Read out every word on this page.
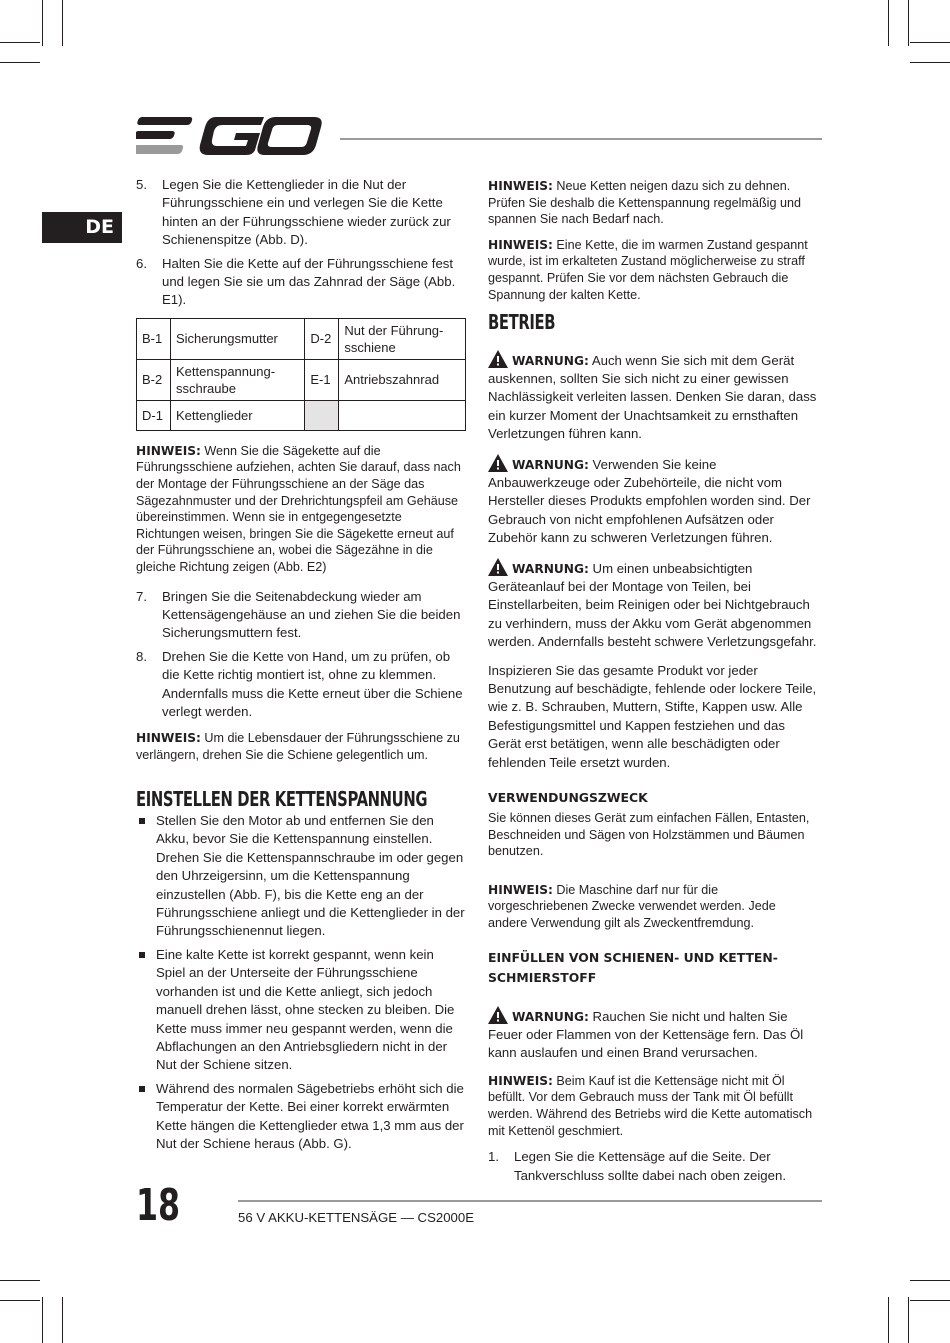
DE
5.	Legen Sie die Kettenglieder in die Nut der Führungsschiene ein und verlegen Sie die Kette hinten an der Führungsschiene wieder zurück zur Schienenspitze (Abb. D).
6.	Halten Sie die Kette auf der Führungsschiene fest und legen Sie sie um das Zahnrad der Säge (Abb. E1).
B-1	Sicherungsmutter	D-2	Nut der Führung-sschiene
B-2	Kettenspannung-sschraube	E-1	Antriebszahnrad
D-1	Kettenglieder		

HINWEIS: Wenn Sie die Sägekette auf die Führungsschiene aufziehen, achten Sie darauf, dass nach der Montage der Führungsschiene an der Säge das Sägezahnmuster und der Drehrichtungspfeil am Gehäuse übereinstimmen. Wenn sie in entgegengesetzte Richtungen weisen, bringen Sie die Sägekette erneut auf der Führungsschiene an, wobei die Sägezähne in die gleiche Richtung zeigen (Abb. E2)

7.	Bringen Sie die Seitenabdeckung wieder am Kettensägengehäuse an und ziehen Sie die beiden Sicherungsmuttern fest.
8.	Drehen Sie die Kette von Hand, um zu prüfen, ob die Kette richtig montiert ist, ohne zu klemmen. Andernfalls muss die Kette erneut über die Schiene verlegt werden.

HINWEIS: Um die Lebensdauer der Führungsschiene zu verlängern, drehen Sie die Schiene gelegentlich um.

EINSTELLEN DER KETTENSPANNUNG
Stellen Sie den Motor ab und entfernen Sie den Akku, bevor Sie die Kettenspannung einstellen. Drehen Sie die Kettenspannschraube im oder gegen den Uhrzeigersinn, um die Kettenspannung einzustellen (Abb. F), bis die Kette eng an der Führungsschiene anliegt und die Kettenglieder in der Führungsschienennut liegen.
Eine kalte Kette ist korrekt gespannt, wenn kein Spiel an der Unterseite der Führungsschiene vorhanden ist und die Kette anliegt, sich jedoch manuell drehen lässt, ohne stecken zu bleiben. Die Kette muss immer neu gespannt werden, wenn die Abflachungen an den Antriebsgliedern nicht in der Nut der Schiene sitzen.
Während des normalen Sägebetriebs erhöht sich die Temperatur der Kette. Bei einer korrekt erwärmten Kette hängen die Kettenglieder etwa 1,3 mm aus der Nut der Schiene heraus (Abb. G).

HINWEIS: Neue Ketten neigen dazu sich zu dehnen. Prüfen Sie deshalb die Kettenspannung regelmäßig und spannen Sie nach Bedarf nach.

HINWEIS: Eine Kette, die im warmen Zustand gespannt wurde, ist im erkalteten Zustand möglicherweise zu straff gespannt. Prüfen Sie vor dem nächsten Gebrauch die Spannung der kalten Kette.

BETRIEB

WARNUNG: Auch wenn Sie sich mit dem Gerät auskennen, sollten Sie sich nicht zu einer gewissen Nachlässigkeit verleiten lassen. Denken Sie daran, dass ein kurzer Moment der Unachtsamkeit zu ernsthaften Verletzungen führen kann.

WARNUNG: Verwenden Sie keine Anbauwerkzeuge oder Zubehörteile, die nicht vom Hersteller dieses Produkts empfohlen worden sind. Der Gebrauch von nicht empfohlenen Aufsätzen oder Zubehör kann zu schweren Verletzungen führen.

WARNUNG: Um einen unbeabsichtigten Geräteanlauf bei der Montage von Teilen, bei Einstellarbeiten, beim Reinigen oder bei Nichtgebrauch zu verhindern, muss der Akku vom Gerät abgenommen werden. Andernfalls besteht schwere Verletzungsgefahr.

Inspizieren Sie das gesamte Produkt vor jeder Benutzung auf beschädigte, fehlende oder lockere Teile, wie z. B. Schrauben, Muttern, Stifte, Kappen usw. Alle Befestigungsmittel und Kappen festziehen und das Gerät erst betätigen, wenn alle beschädigten oder fehlenden Teile ersetzt wurden.

VERWENDUNGSZWECK

Sie können dieses Gerät zum einfachen Fällen, Entasten, Beschneiden und Sägen von Holzstämmen und Bäumen benutzen.

HINWEIS: Die Maschine darf nur für die vorgeschriebenen Zwecke verwendet werden. Jede andere Verwendung gilt als Zweckentfremdung.

EINFÜLLEN VON SCHIENEN- UND KETTEN-SCHMIERSTOFF

WARNUNG: Rauchen Sie nicht und halten Sie Feuer oder Flammen von der Kettensäge fern. Das Öl kann auslaufen und einen Brand verursachen.

HINWEIS: Beim Kauf ist die Kettensäge nicht mit Öl befüllt. Vor dem Gebrauch muss der Tank mit Öl befüllt werden. Während des Betriebs wird die Kette automatisch mit Kettenöl geschmiert.

1.	Legen Sie die Kettensäge auf die Seite. Der Tankverschluss sollte dabei nach oben zeigen.
18	56 V AKKU-KETTENSÄGE — CS2000E
